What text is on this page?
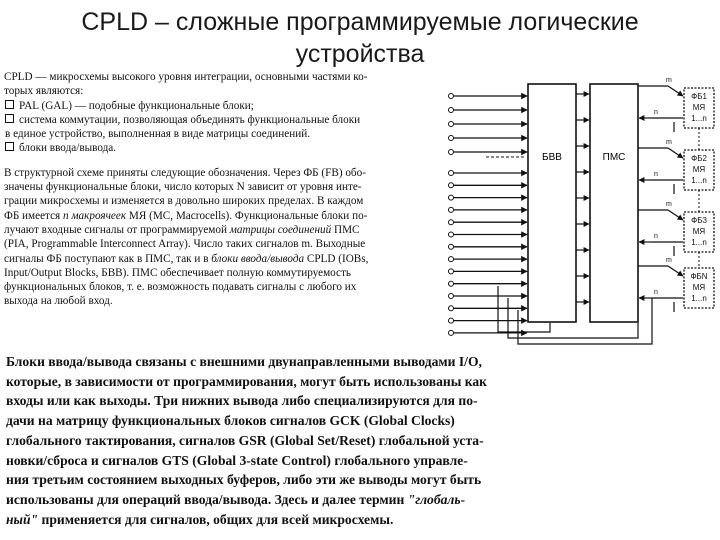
CPLD – сложные программируемые логические
устройства

CPLD — микросхемы высокого уровня интеграции, основными частями ко-

торых являются:

PAL (GAL) — подобные функциональные блоки;

система коммутации, позволяющая объединять функциональные блоки

в единое устройство, выполненная в виде матрицы соединений.

блоки ввода/вывода.

В структурной схеме приняты следующие обозначения. Через ФБ (FB) обо-

значены функциональные блоки, число которых N зависит от уровня инте-

грации микросхемы и изменяется в довольно широких пределах. В каждом

ФБ имеется n макроячеек МЯ (МС, Macrocells). Функциональные блоки по-

лучают входные сигналы от программируемой матрицы соединений ПМС

(PIA, Programmable Interconnect Array). Число таких сигналов m. Выходные

сигналы ФБ поступают как в ПМС, так и в блоки ввода/вывода CPLD (IOBs,

Input/Output Blocks, БВВ). ПМС обеспечивает полную коммутируемость

функциональных блоков, т. е. возможность подавать сигналы с любого их

выхода на любой вход.

БВВ	ПМС
ФБ1
МЯ
1...n
m
n
ФБ2
МЯ
1...n
m
n
ФБ3
МЯ
1...n
m
n
ФБN
МЯ
1...n
m
n

Блоки ввода/вывода связаны с внешними двунаправленными выводами I/O,

которые, в зависимости от программирования, могут быть использованы как

входы или как выходы. Три нижних вывода либо специализируются для по-

дачи на матрицу функциональных блоков сигналов GCK (Global Clocks)

глобального тактирования, сигналов GSR (Global Set/Reset) глобальной уста-

новки/сброса и сигналов GTS (Global 3-state Control) глобального управле-

ния третьим состоянием выходных буферов, либо эти же выводы могут быть

использованы для операций ввода/вывода. Здесь и далее термин "глобаль-

ный" применяется для сигналов, общих для всей микросхемы.
